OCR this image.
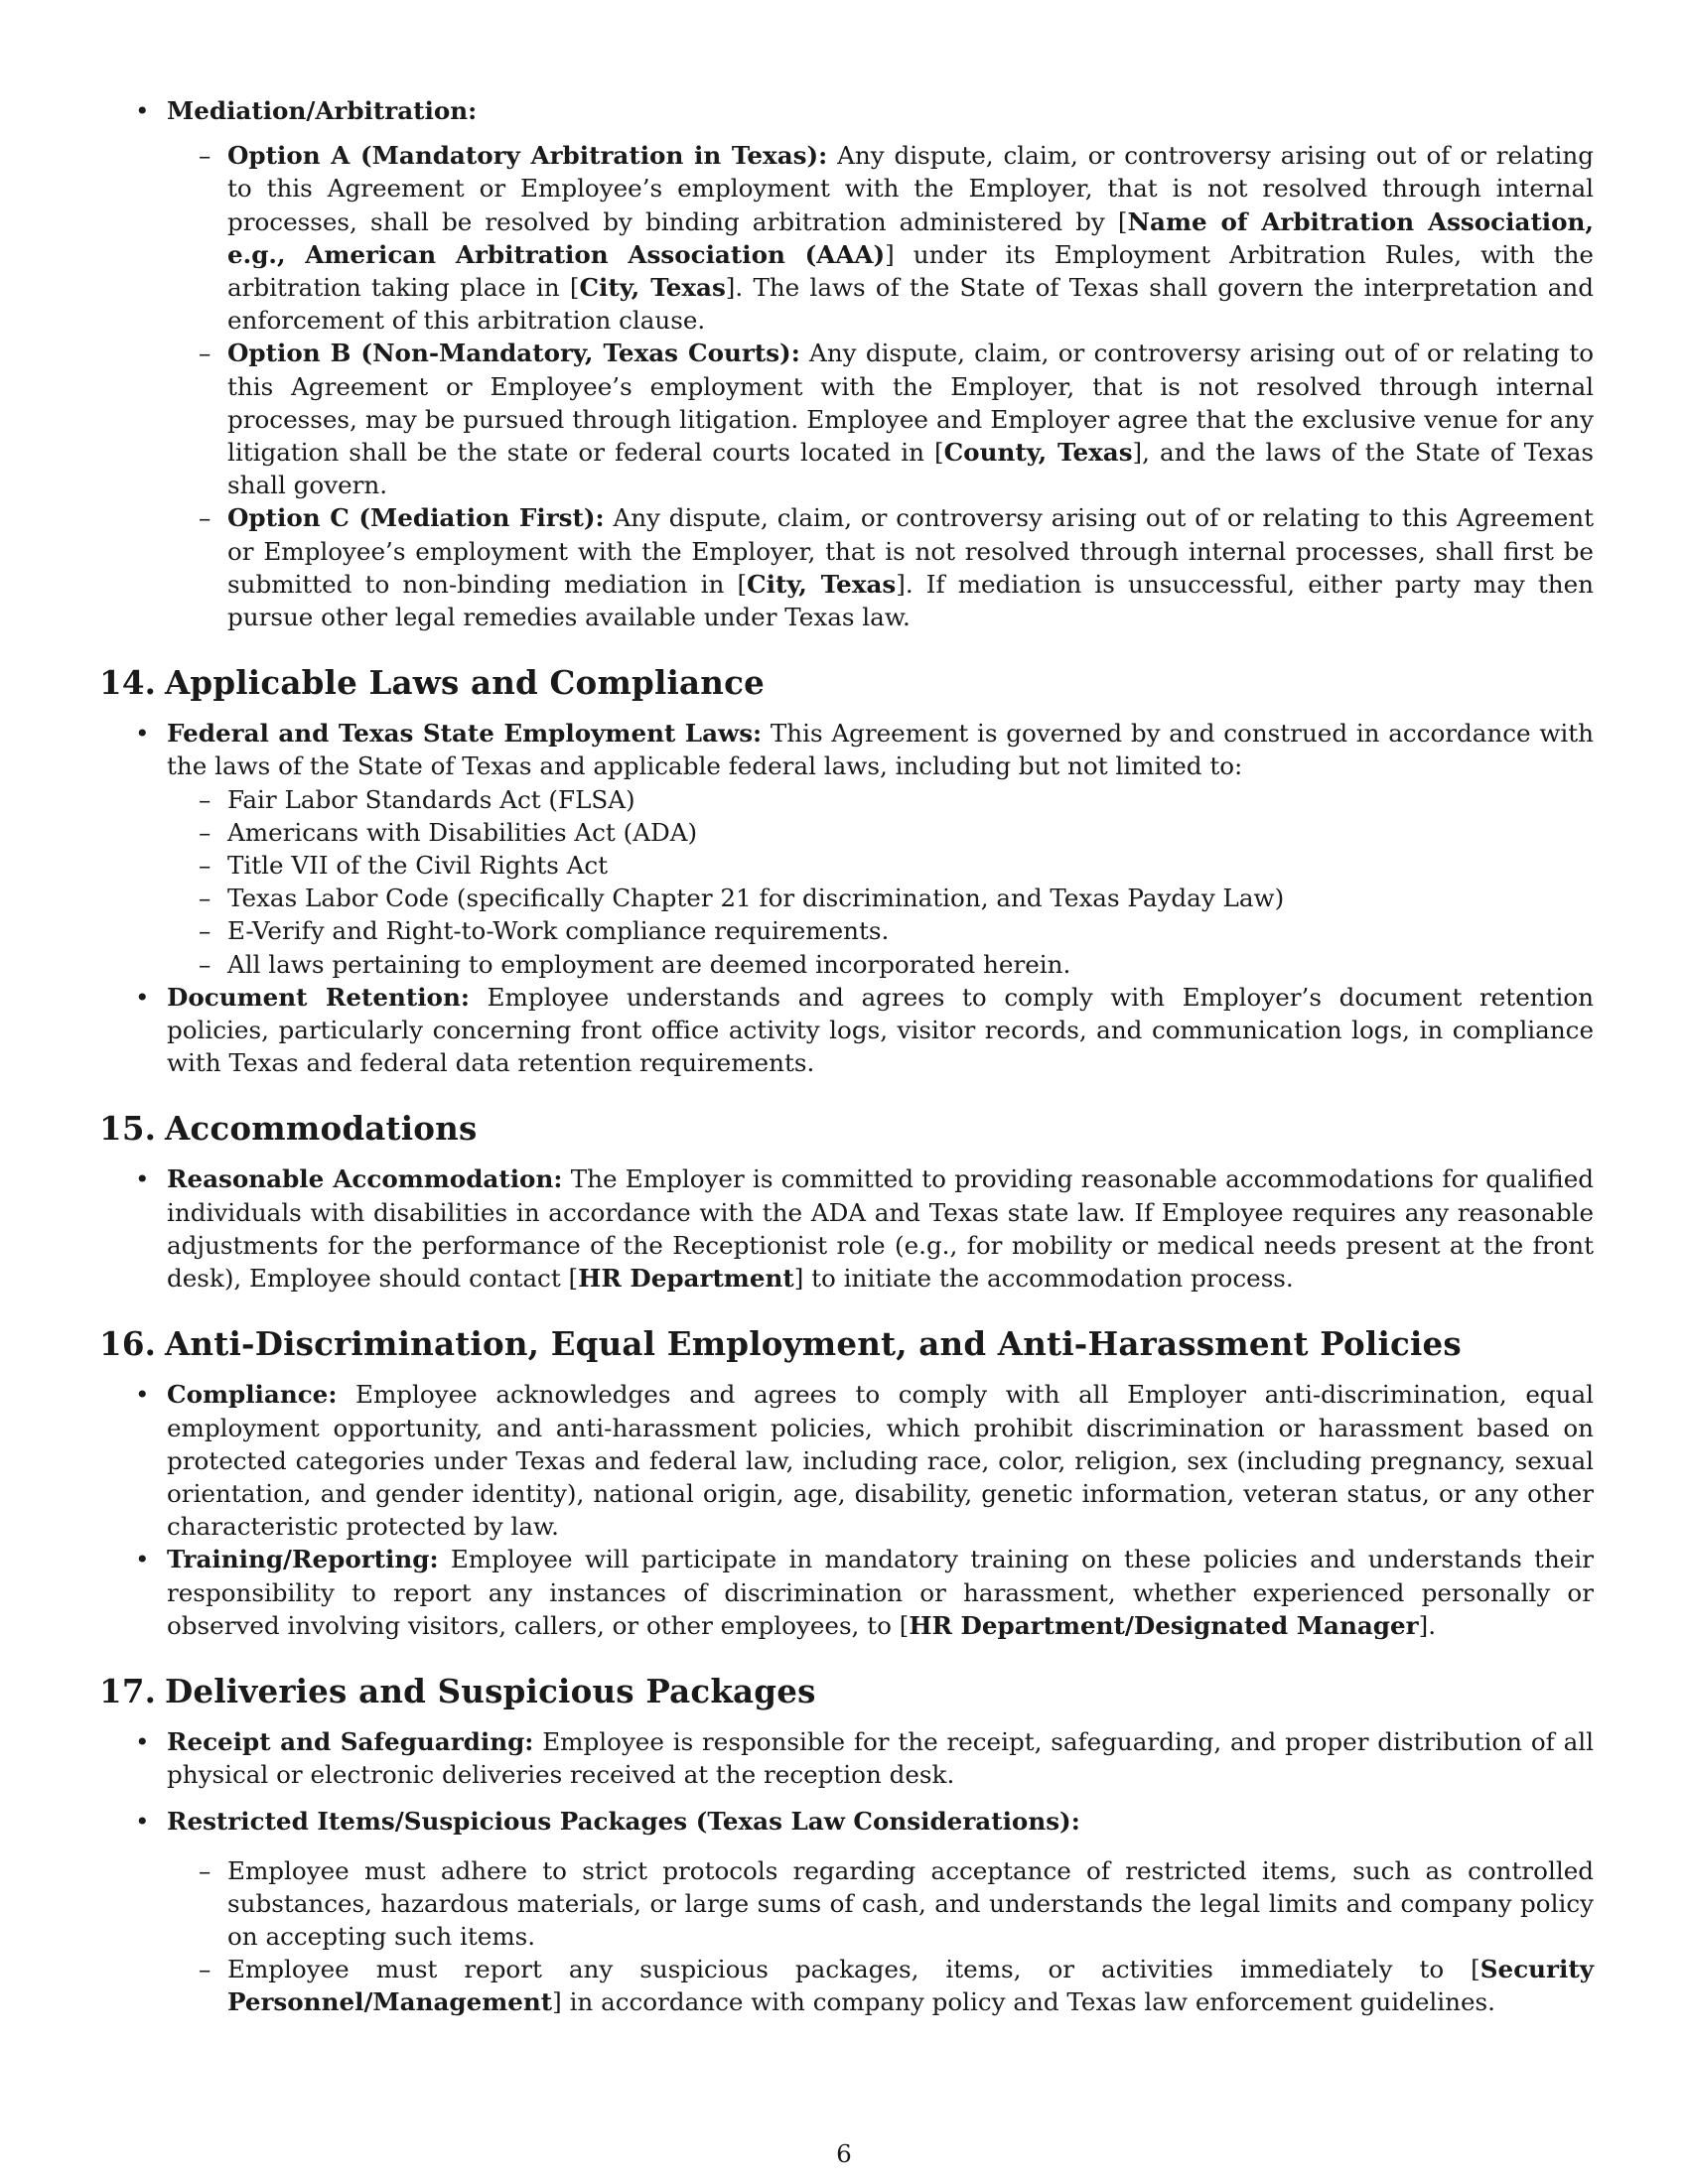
• Mediation/Arbitration:
– Option A (Mandatory Arbitration in Texas): Any dispute, claim, or controversy arising out of or relating to this Agreement or Employee’s employment with the Employer, that is not resolved through internal processes, shall be resolved by binding arbitration administered by [Name of Arbitration Association, e.g., American Arbitration Association (AAA)] under its Employment Arbitration Rules, with the arbitration taking place in [City, Texas]. The laws of the State of Texas shall govern the interpretation and enforcement of this arbitration clause.
– Option B (Non-Mandatory, Texas Courts): Any dispute, claim, or controversy arising out of or relating to this Agreement or Employee’s employment with the Employer, that is not resolved through internal processes, may be pursued through litigation. Employee and Employer agree that the exclusive venue for any litigation shall be the state or federal courts located in [County, Texas], and the laws of the State of Texas shall govern.
– Option C (Mediation First): Any dispute, claim, or controversy arising out of or relating to this Agreement or Employee’s employment with the Employer, that is not resolved through internal processes, shall first be submitted to non-binding mediation in [City, Texas]. If mediation is unsuccessful, either party may then pursue other legal remedies available under Texas law.
14. Applicable Laws and Compliance
• Federal and Texas State Employment Laws: This Agreement is governed by and construed in accordance with the laws of the State of Texas and applicable federal laws, including but not limited to:
– Fair Labor Standards Act (FLSA)
– Americans with Disabilities Act (ADA)
– Title VII of the Civil Rights Act
– Texas Labor Code (specifically Chapter 21 for discrimination, and Texas Payday Law)
– E-Verify and Right-to-Work compliance requirements.
– All laws pertaining to employment are deemed incorporated herein.
• Document Retention: Employee understands and agrees to comply with Employer’s document retention policies, particularly concerning front office activity logs, visitor records, and communication logs, in compliance with Texas and federal data retention requirements.
15. Accommodations
• Reasonable Accommodation: The Employer is committed to providing reasonable accommodations for qualified individuals with disabilities in accordance with the ADA and Texas state law. If Employee requires any reasonable adjustments for the performance of the Receptionist role (e.g., for mobility or medical needs present at the front desk), Employee should contact [HR Department] to initiate the accommodation process.
16. Anti-Discrimination, Equal Employment, and Anti-Harassment Policies
• Compliance: Employee acknowledges and agrees to comply with all Employer anti-discrimination, equal employment opportunity, and anti-harassment policies, which prohibit discrimination or harassment based on protected categories under Texas and federal law, including race, color, religion, sex (including pregnancy, sexual orientation, and gender identity), national origin, age, disability, genetic information, veteran status, or any other characteristic protected by law.
• Training/Reporting: Employee will participate in mandatory training on these policies and understands their responsibility to report any instances of discrimination or harassment, whether experienced personally or observed involving visitors, callers, or other employees, to [HR Department/Designated Manager].
17. Deliveries and Suspicious Packages
• Receipt and Safeguarding: Employee is responsible for the receipt, safeguarding, and proper distribution of all physical or electronic deliveries received at the reception desk.
• Restricted Items/Suspicious Packages (Texas Law Considerations):
– Employee must adhere to strict protocols regarding acceptance of restricted items, such as controlled substances, hazardous materials, or large sums of cash, and understands the legal limits and company policy on accepting such items.
– Employee must report any suspicious packages, items, or activities immediately to [Security Personnel/Management] in accordance with company policy and Texas law enforcement guidelines.
6
